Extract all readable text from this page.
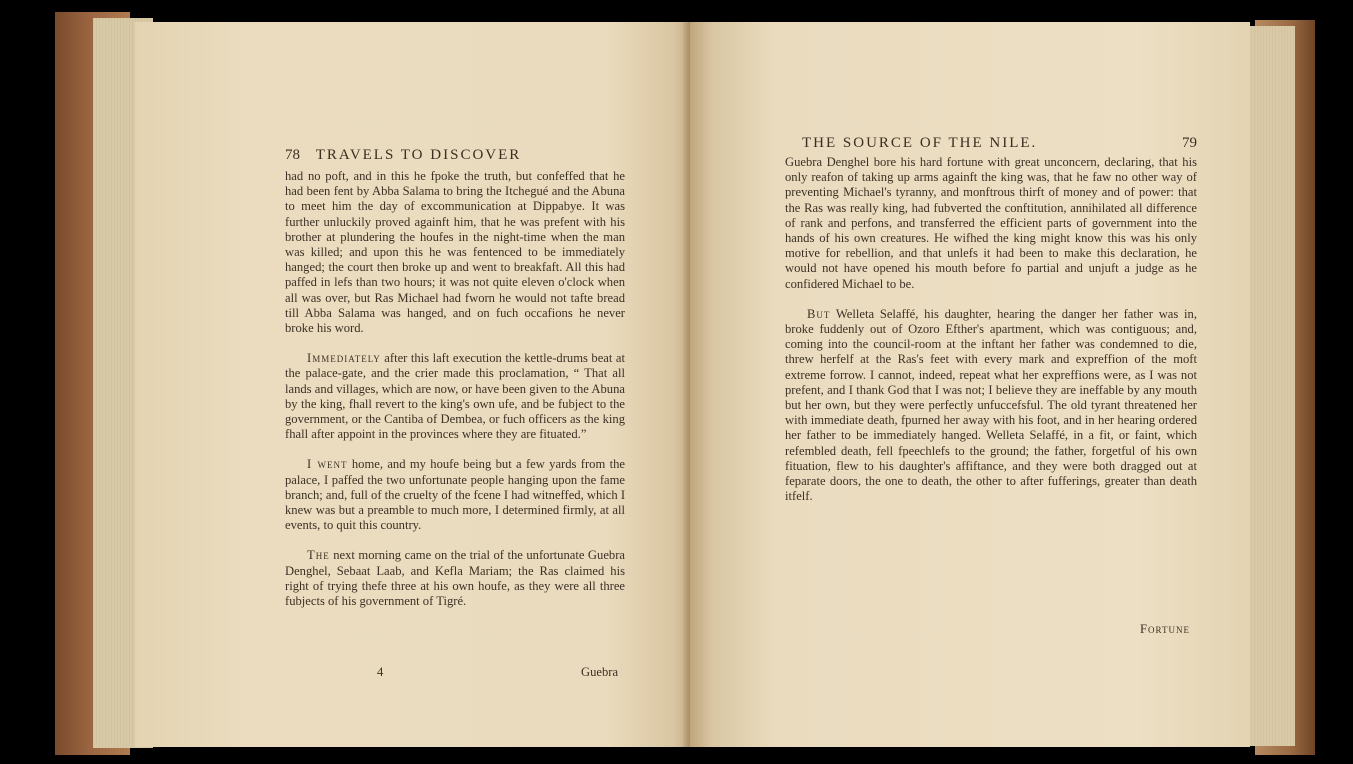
78 TRAVELS TO DISCOVER

had no poft, and in this he fpoke the truth, but confeffed that he had been fent by Abba Salama to bring the Itchegué and the Abuna to meet him the day of excommunication at Dippabye. It was further unluckily proved againft him, that he was prefent with his brother at plundering the houfes in the night-time when the man was killed; and upon this he was fentenced to be immediately hanged; the court then broke up and went to breakfaft. All this had paffed in lefs than two hours; it was not quite eleven o'clock when all was over, but Ras Michael had fworn he would not tafte bread till Abba Salama was hanged, and on fuch occafions he never broke his word.

Immediately after this laft execution the kettle-drums beat at the palace-gate, and the crier made this proclamation, “ That all lands and villages, which are now, or have been given to the Abuna by the king, fhall revert to the king's own ufe, and be fubject to the government, or the Cantiba of Dembea, or fuch officers as the king fhall after appoint in the provinces where they are fituated.”

I went home, and my houfe being but a few yards from the palace, I paffed the two unfortunate people hanging upon the fame branch; and, full of the cruelty of the fcene I had witneffed, which I knew was but a preamble to much more, I determined firmly, at all events, to quit this country.

The next morning came on the trial of the unfortunate Guebra Denghel, Sebaat Laab, and Kefla Mariam; the Ras claimed his right of trying thefe three at his own houfe, as they were all three fubjects of his government of Tigré.

4	Guebra
THE SOURCE OF THE NILE.	79

Guebra Denghel bore his hard fortune with great unconcern, declaring, that his only reafon of taking up arms againft the king was, that he faw no other way of preventing Michael's tyranny, and monftrous thirft of money and of power: that the Ras was really king, had fubverted the conftitution, annihilated all difference of rank and perfons, and transferred the efficient parts of government into the hands of his own creatures. He wifhed the king might know this was his only motive for rebellion, and that unlefs it had been to make this declaration, he would not have opened his mouth before fo partial and unjuft a judge as he confidered Michael to be.

But Welleta Selaffé, his daughter, hearing the danger her father was in, broke fuddenly out of Ozoro Efther's apartment, which was contiguous; and, coming into the council-room at the inftant her father was condemned to die, threw herfelf at the Ras's feet with every mark and expreffion of the moft extreme forrow. I cannot, indeed, repeat what her expreffions were, as I was not prefent, and I thank God that I was not; I believe they are ineffable by any mouth but her own, but they were perfectly unfuccefsful. The old tyrant threatened her with immediate death, fpurned her away with his foot, and in her hearing ordered her father to be immediately hanged. Welleta Selaffé, in a fit, or faint, which refembled death, fell fpeechlefs to the ground; the father, forgetful of his own fituation, flew to his daughter's affiftance, and they were both dragged out at feparate doors, the one to death, the other to after fufferings, greater than death itfelf.

Fortune
